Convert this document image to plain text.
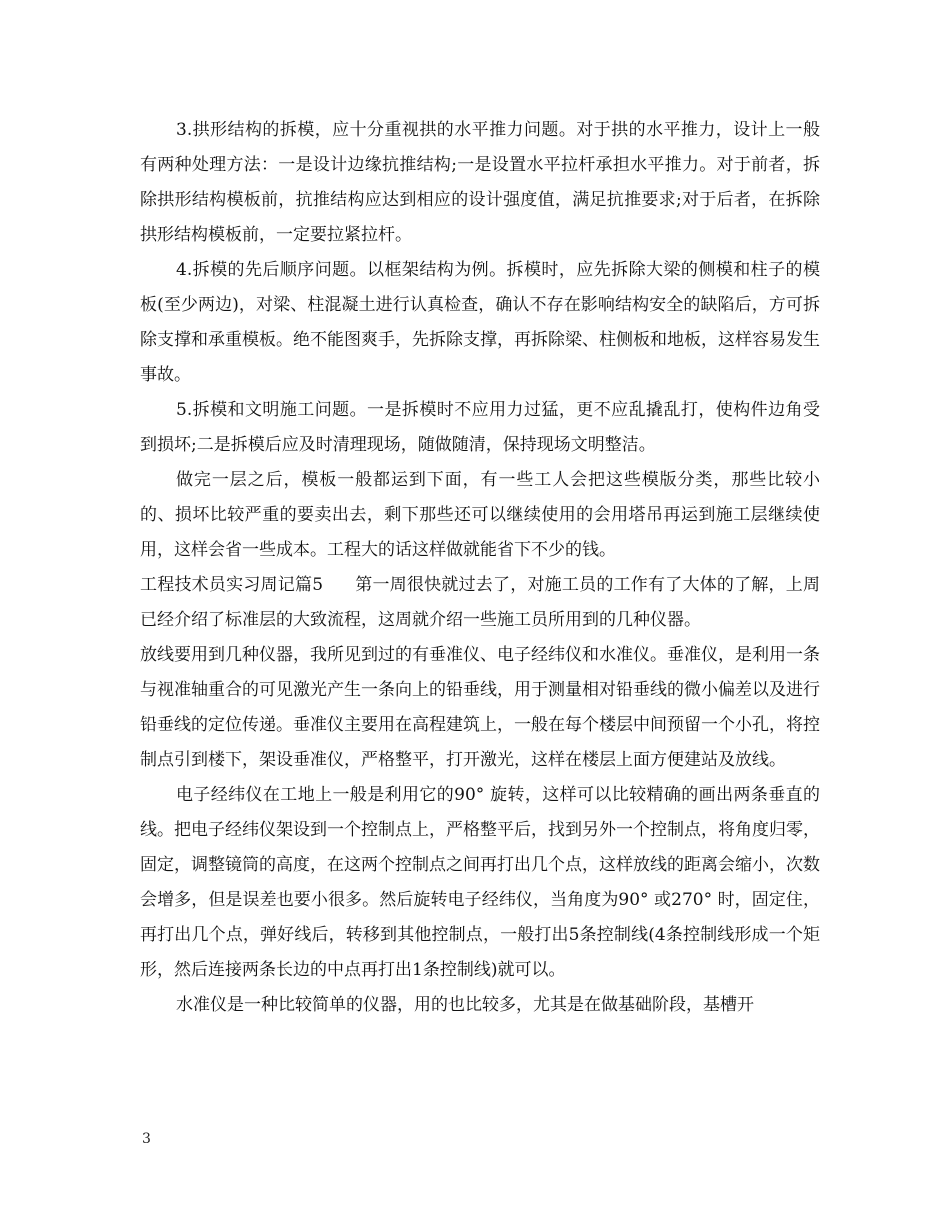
3.拱形结构的拆模，应十分重视拱的水平推力问题。对于拱的水平推力，设计上一般有两种处理方法：一是设计边缘抗推结构;一是设置水平拉杆承担水平推力。对于前者，拆除拱形结构模板前，抗推结构应达到相应的设计强度值，满足抗推要求;对于后者，在拆除拱形结构模板前，一定要拉紧拉杆。

4.拆模的先后顺序问题。以框架结构为例。拆模时，应先拆除大梁的侧模和柱子的模板(至少两边)，对梁、柱混凝土进行认真检查，确认不存在影响结构安全的缺陷后，方可拆除支撑和承重模板。绝不能图爽手，先拆除支撑，再拆除梁、柱侧板和地板，这样容易发生事故。

5.拆模和文明施工问题。一是拆模时不应用力过猛，更不应乱撬乱打，使构件边角受到损坏;二是拆模后应及时清理现场，随做随清，保持现场文明整洁。

做完一层之后，模板一般都运到下面，有一些工人会把这些模版分类，那些比较小的、损坏比较严重的要卖出去，剩下那些还可以继续使用的会用塔吊再运到施工层继续使用，这样会省一些成本。工程大的话这样做就能省下不少的钱。

工程技术员实习周记篇5 第一周很快就过去了，对施工员的工作有了大体的了解，上周已经介绍了标准层的大致流程，这周就介绍一些施工员所用到的几种仪器。

放线要用到几种仪器，我所见到过的有垂准仪、电子经纬仪和水准仪。垂准仪，是利用一条与视准轴重合的可见激光产生一条向上的铅垂线，用于测量相对铅垂线的微小偏差以及进行铅垂线的定位传递。垂准仪主要用在高程建筑上，一般在每个楼层中间预留一个小孔，将控制点引到楼下，架设垂准仪，严格整平，打开激光，这样在楼层上面方便建站及放线。

电子经纬仪在工地上一般是利用它的90° 旋转，这样可以比较精确的画出两条垂直的 线。把电子经纬仪架设到一个控制点上，严格整平后，找到另外一个控制点，将角度归零，固定，调整镜筒的高度，在这两个控制点之间再打出几个点，这样放线的距离会缩小，次数会增多，但是误差也要小很多。然后旋转电子经纬仪，当角度为90° 或270° 时，固定住，再打出几个点，弹好线后，转移到其他控制点，一般打出5条控制线(4条控制线形成一个矩形，然后连接两条长边的中点再打出1条控制线)就可以。

水准仪是一种比较简单的仪器，用的也比较多，尤其是在做基础阶段，基槽开

3
